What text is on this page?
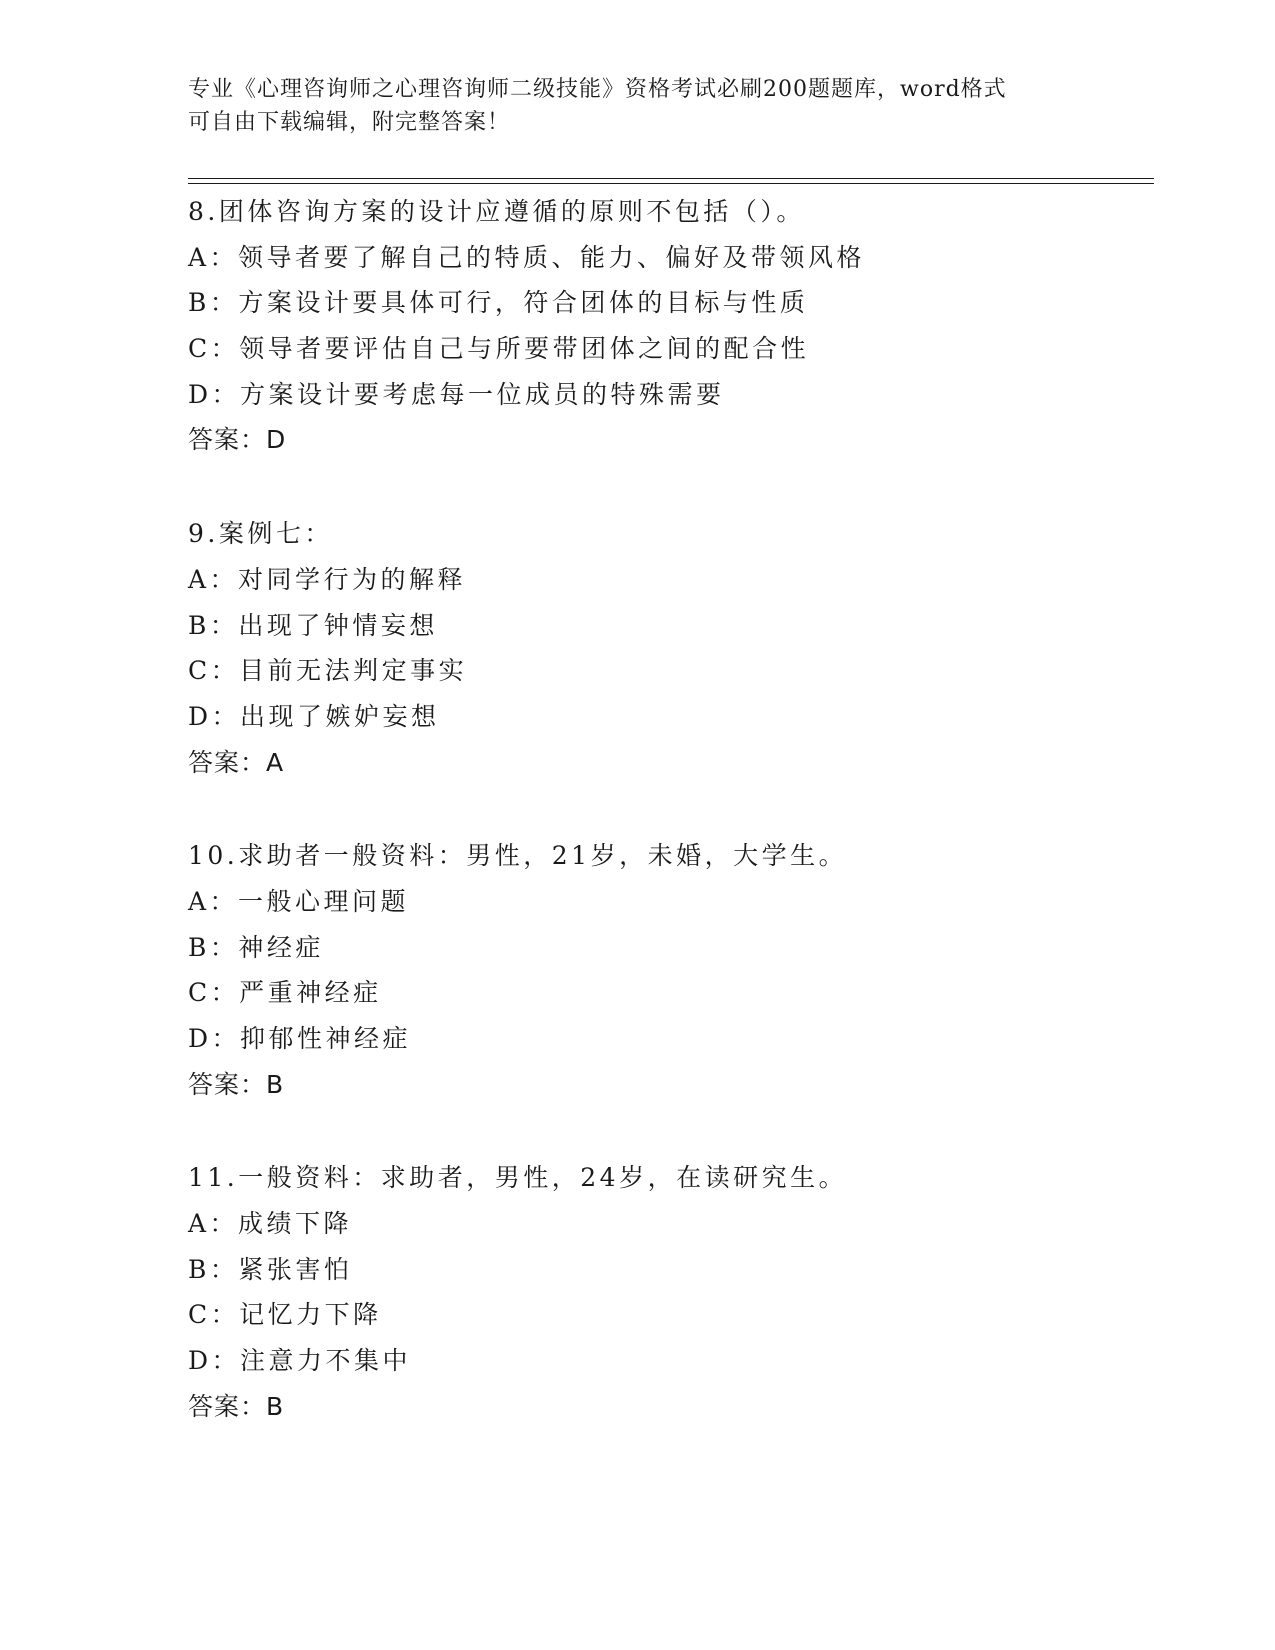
专业《心理咨询师之心理咨询师二级技能》资格考试必刷200题题库，word格式
可自由下载编辑，附完整答案！
8.团体咨询方案的设计应遵循的原则不包括（）。
A：领导者要了解自己的特质、能力、偏好及带领风格
B：方案设计要具体可行，符合团体的目标与性质
C：领导者要评估自己与所要带团体之间的配合性
D：方案设计要考虑每一位成员的特殊需要
答案：D
9.案例七：
A：对同学行为的解释
B：出现了钟情妄想
C：目前无法判定事实
D：出现了嫉妒妄想
答案：A
10.求助者一般资料：男性，21岁，未婚，大学生。
A：一般心理问题
B：神经症
C：严重神经症
D：抑郁性神经症
答案：B
11.一般资料：求助者，男性，24岁，在读研究生。
A：成绩下降
B：紧张害怕
C：记忆力下降
D：注意力不集中
答案：B
